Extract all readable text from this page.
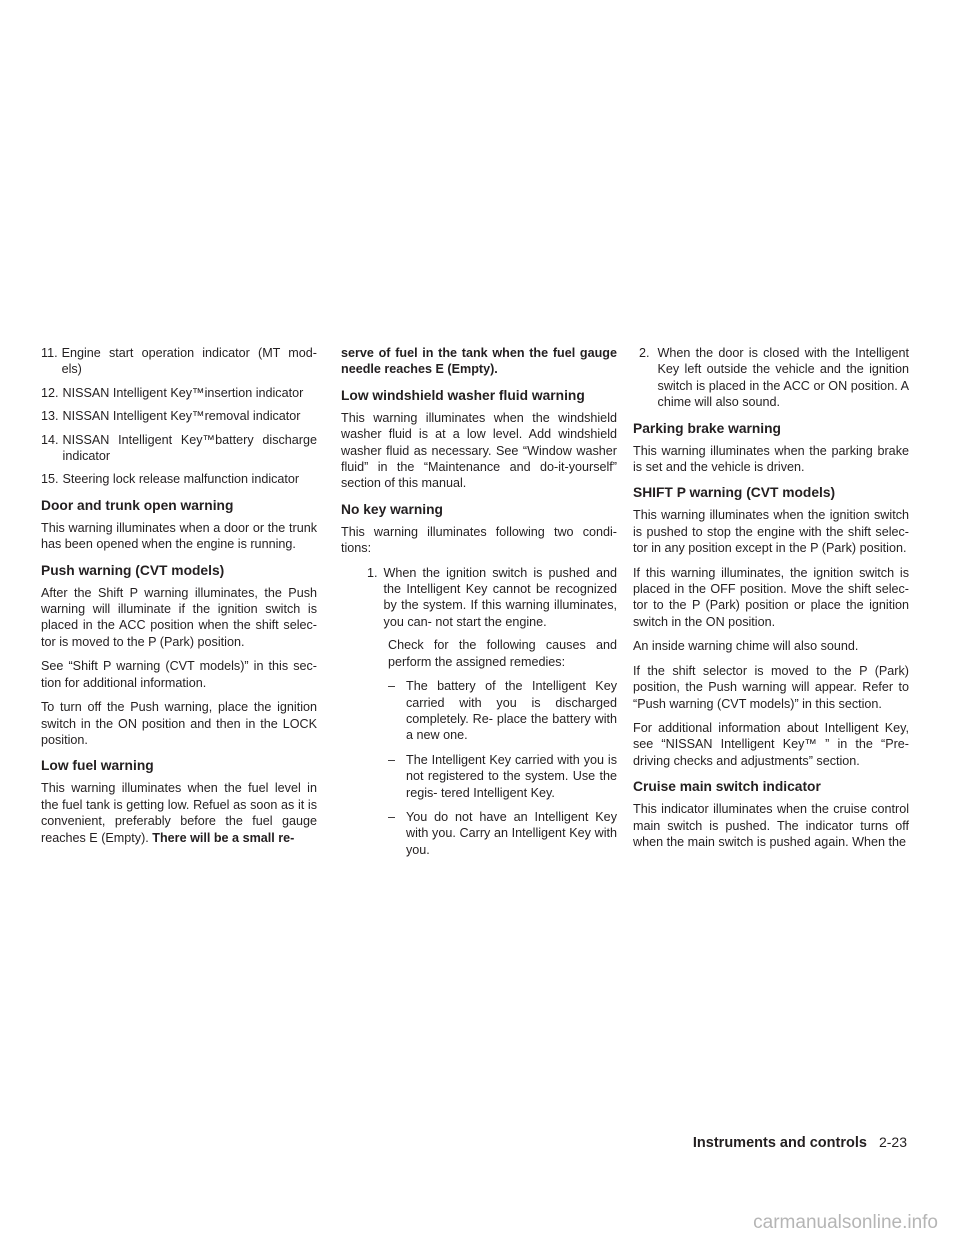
11. Engine start operation indicator (MT mod- els)
12. NISSAN Intelligent Key™insertion indicator
13. NISSAN Intelligent Key™removal indicator
14. NISSAN Intelligent Key™battery discharge indicator
15. Steering lock release malfunction indicator
Door and trunk open warning

This warning illuminates when a door or the trunk has been opened when the engine is running.

Push warning (CVT models)

After the Shift P warning illuminates, the Push warning will illuminate if the ignition switch is placed in the ACC position when the shift selec- tor is moved to the P (Park) position.

See “Shift P warning (CVT models)” in this sec- tion for additional information.

To turn off the Push warning, place the ignition switch in the ON position and then in the LOCK position.

Low fuel warning

This warning illuminates when the fuel level in the fuel tank is getting low. Refuel as soon as it is convenient, preferably before the fuel gauge reaches E (Empty). There will be a small re-

serve of fuel in the tank when the fuel gauge needle reaches E (Empty).

Low windshield washer fluid warning

This warning illuminates when the windshield washer fluid is at a low level. Add windshield washer fluid as necessary. See “Window washer fluid” in the “Maintenance and do-it-yourself” section of this manual.

No key warning

This warning illuminates following two condi- tions:

1. When the ignition switch is pushed and the Intelligent Key cannot be recognized by the system. If this warning illuminates, you can- not start the engine.

Check for the following causes and perform the assigned remedies:

– The battery of the Intelligent Key carried with you is discharged completely. Re- place the battery with a new one.
– The Intelligent Key carried with you is not registered to the system. Use the regis- tered Intelligent Key.
– You do not have an Intelligent Key with you. Carry an Intelligent Key with you.
2. When the door is closed with the Intelligent Key left outside the vehicle and the ignition switch is placed in the ACC or ON position. A chime will also sound.
Parking brake warning

This warning illuminates when the parking brake is set and the vehicle is driven.

SHIFT P warning (CVT models)

This warning illuminates when the ignition switch is pushed to stop the engine with the shift selec- tor in any position except in the P (Park) position.

If this warning illuminates, the ignition switch is placed in the OFF position. Move the shift selec- tor to the P (Park) position or place the ignition switch in the ON position.

An inside warning chime will also sound.

If the shift selector is moved to the P (Park) position, the Push warning will appear. Refer to “Push warning (CVT models)” in this section.

For additional information about Intelligent Key, see “NISSAN Intelligent Key™ ” in the “Pre- driving checks and adjustments” section.

Cruise main switch indicator

This indicator illuminates when the cruise control main switch is pushed. The indicator turns off when the main switch is pushed again. When the

Instruments and controls 2-23
carmanualsonline.info
